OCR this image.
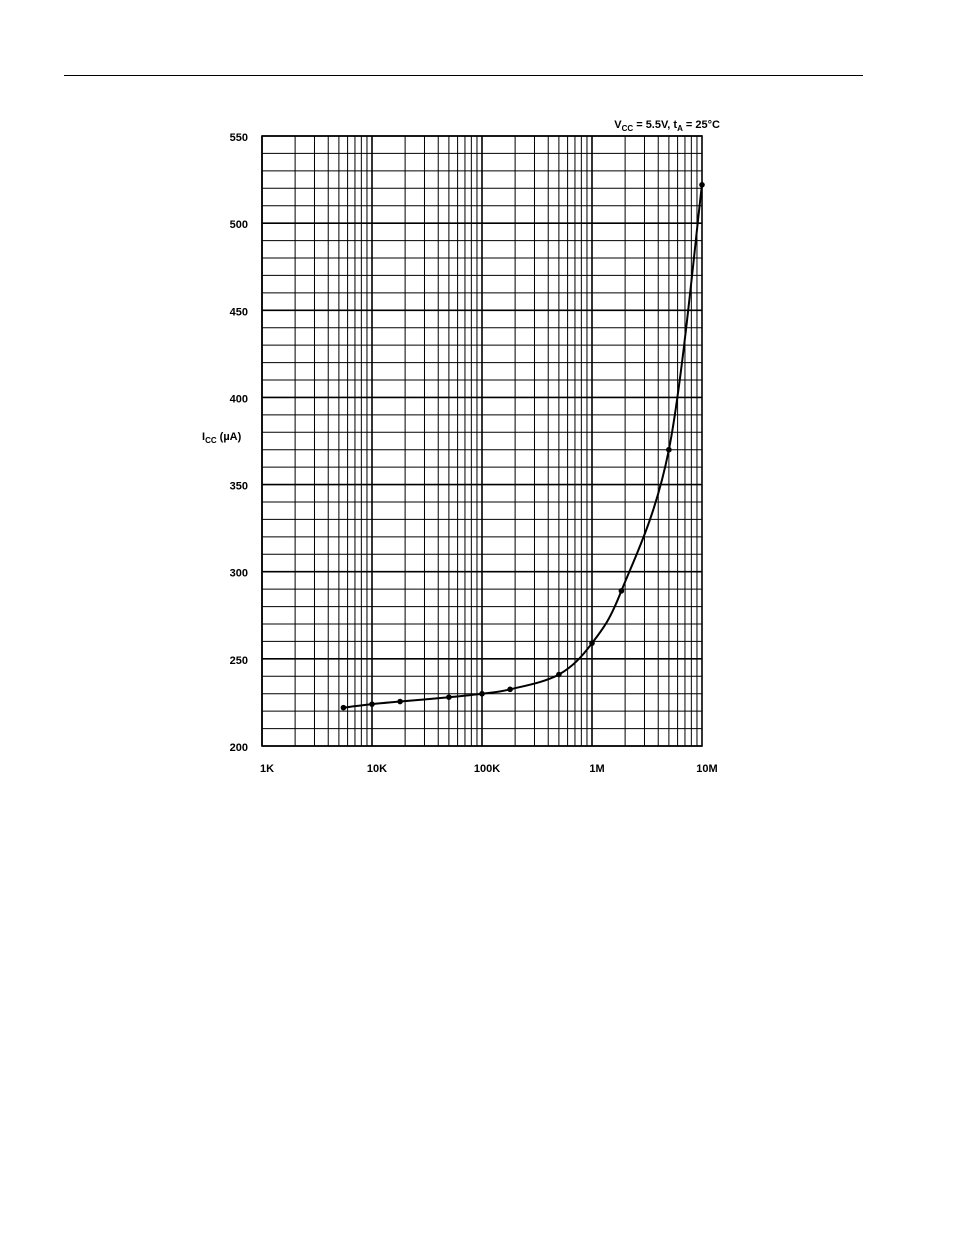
1K	10K	100K	1M	10M
550
500
450
400
350
300
250
200
$V_{CC} = 5.5V$, $t_A = 25^\circ C$
$I_{CC}$ (µA)
